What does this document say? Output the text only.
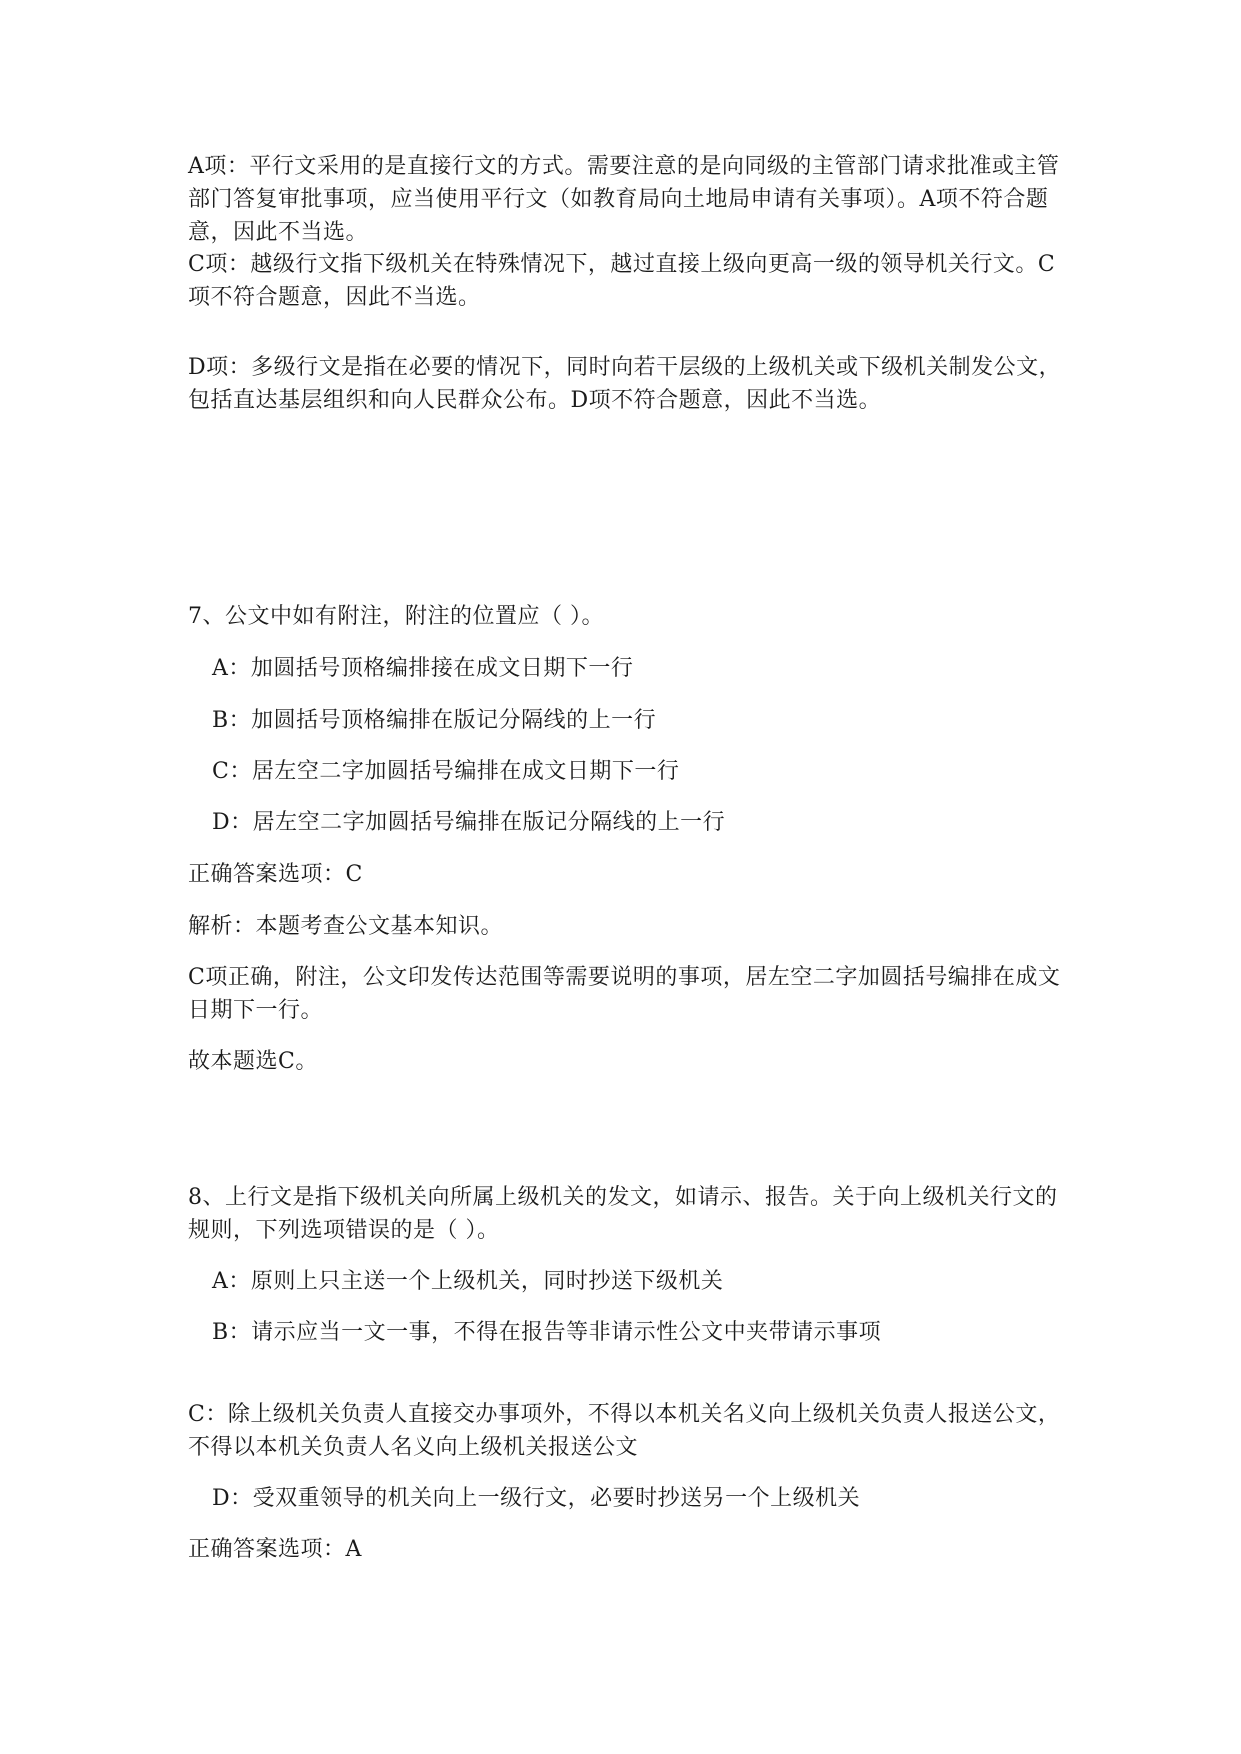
A项：平行文采用的是直接行文的方式。需要注意的是向同级的主管部门请求批准或主管部门答复审批事项，应当使用平行文（如教育局向土地局申请有关事项）。A项不符合题意，因此不当选。

C项：越级行文指下级机关在特殊情况下，越过直接上级向更高一级的领导机关行文。C项不符合题意，因此不当选。

D项：多级行文是指在必要的情况下，同时向若干层级的上级机关或下级机关制发公文，包括直达基层组织和向人民群众公布。D项不符合题意，因此不当选。

7、公文中如有附注，附注的位置应（ ）。

A：加圆括号顶格编排接在成文日期下一行

B：加圆括号顶格编排在版记分隔线的上一行

C：居左空二字加圆括号编排在成文日期下一行

D：居左空二字加圆括号编排在版记分隔线的上一行

正确答案选项：C

解析：本题考查公文基本知识。

C项正确，附注，公文印发传达范围等需要说明的事项，居左空二字加圆括号编排在成文日期下一行。

故本题选C。

8、上行文是指下级机关向所属上级机关的发文，如请示、报告。关于向上级机关行文的规则，下列选项错误的是（ ）。

A：原则上只主送一个上级机关，同时抄送下级机关

B：请示应当一文一事，不得在报告等非请示性公文中夹带请示事项

C：除上级机关负责人直接交办事项外，不得以本机关名义向上级机关负责人报送公文，不得以本机关负责人名义向上级机关报送公文

D：受双重领导的机关向上一级行文，必要时抄送另一个上级机关

正确答案选项：A
